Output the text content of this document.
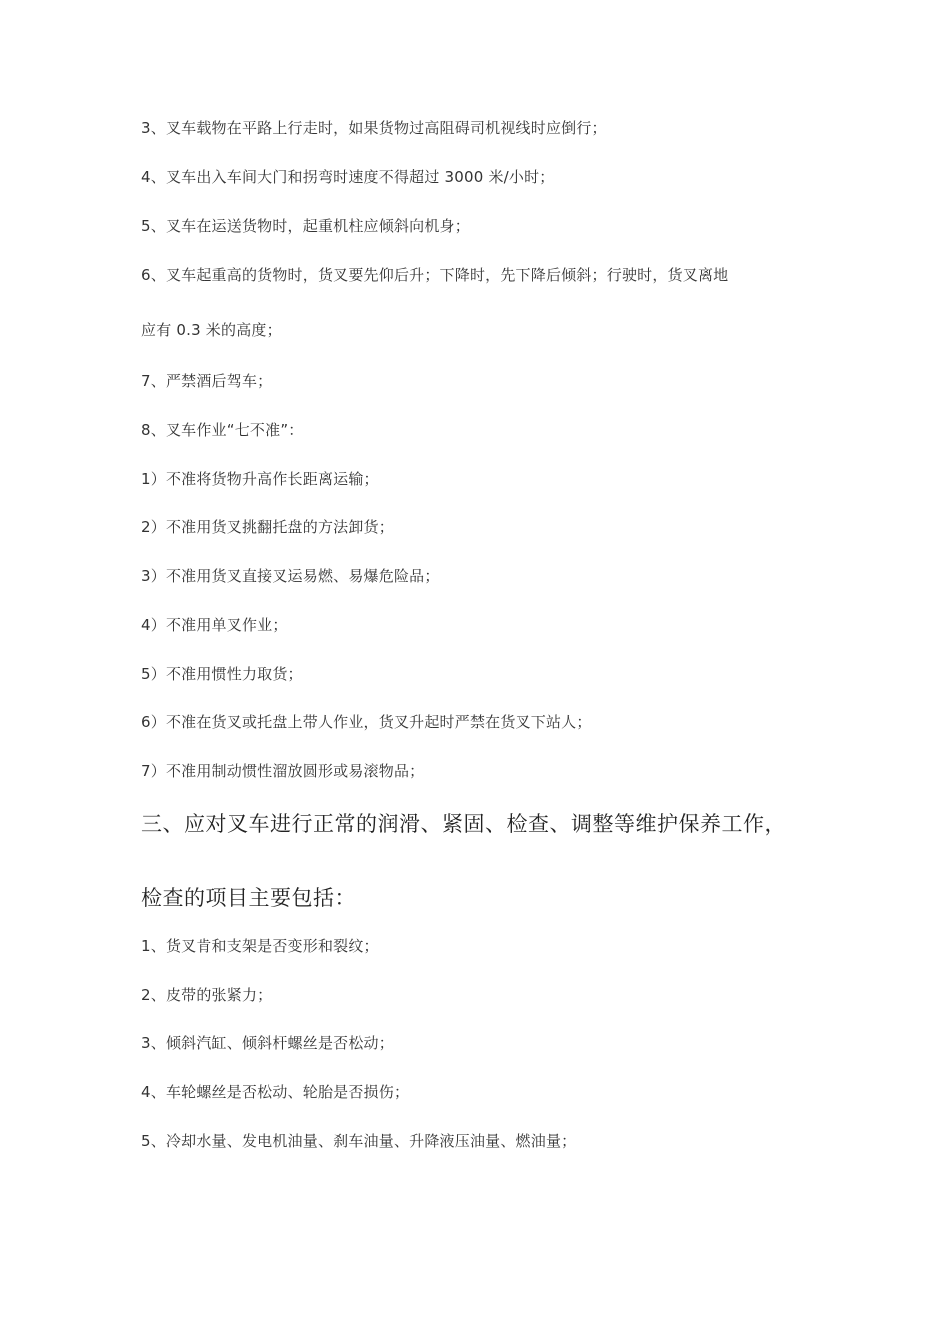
3、叉车载物在平路上行走时，如果货物过高阻碍司机视线时应倒行；
4、叉车出入车间大门和拐弯时速度不得超过 3000 米/小时；
5、叉车在运送货物时，起重机柱应倾斜向机身；
6、叉车起重高的货物时，货叉要先仰后升；下降时，先下降后倾斜；行驶时，货叉离地
应有 0.3 米的高度；
7、严禁酒后驾车；
8、叉车作业“七不准”：
1）不准将货物升高作长距离运输；
2）不准用货叉挑翻托盘的方法卸货；
3）不准用货叉直接叉运易燃、易爆危险品；
4）不准用单叉作业；
5）不准用惯性力取货；
6）不准在货叉或托盘上带人作业，货叉升起时严禁在货叉下站人；
7）不准用制动惯性溜放圆形或易滚物品；
三、应对叉车进行正常的润滑、紧固、检查、调整等维护保养工作，
检查的项目主要包括：
1、货叉肯和支架是否变形和裂纹；
2、皮带的张紧力；
3、倾斜汽缸、倾斜杆螺丝是否松动；
4、车轮螺丝是否松动、轮胎是否损伤；
5、冷却水量、发电机油量、刹车油量、升降液压油量、燃油量；
